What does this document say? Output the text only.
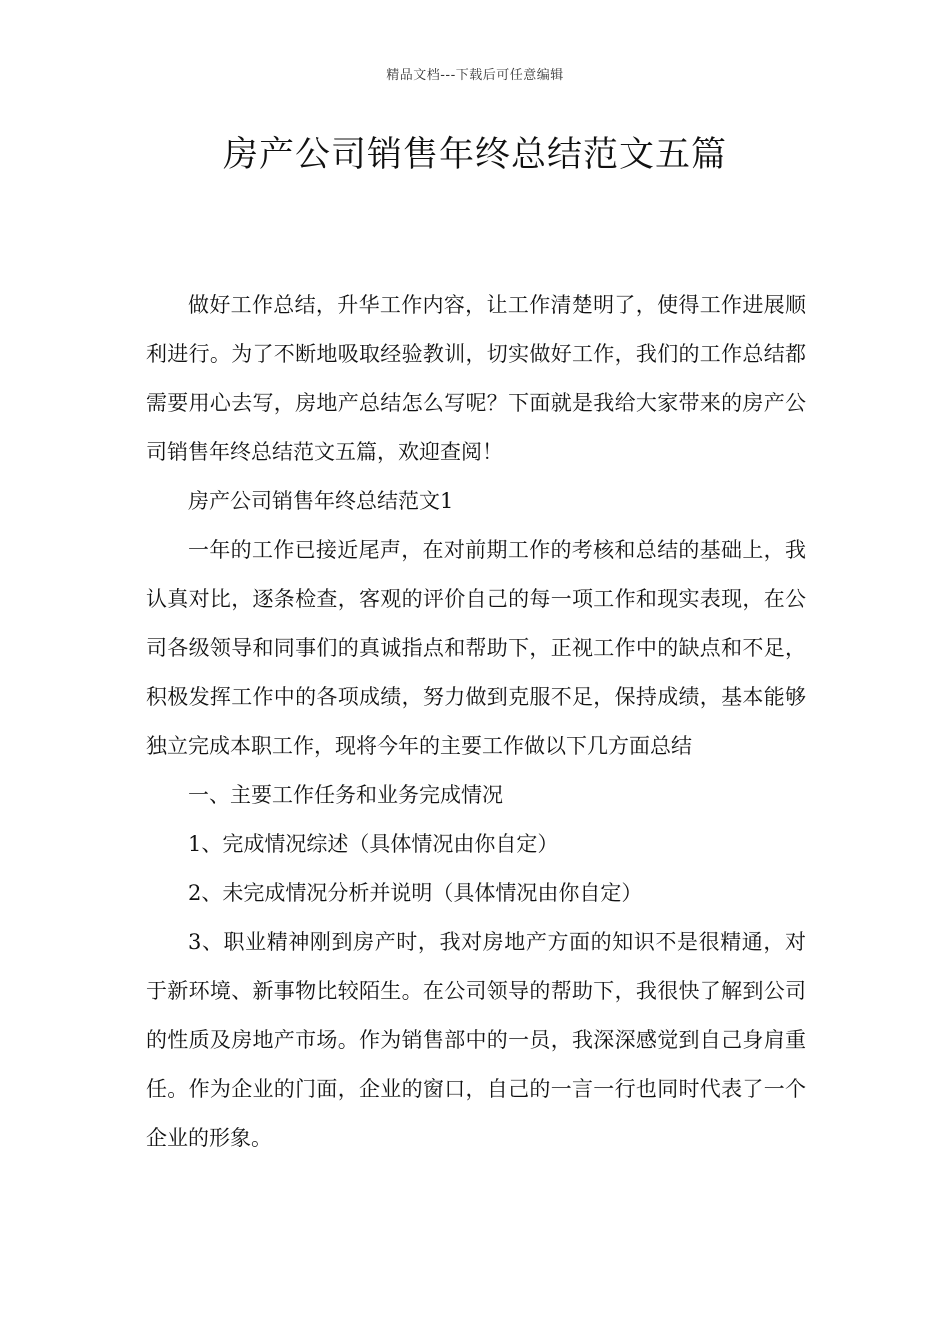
精品文档---下载后可任意编辑
房产公司销售年终总结范文五篇

做好工作总结，升华工作内容，让工作清楚明了，使得工作进展顺利进行。为了不断地吸取经验教训，切实做好工作，我们的工作总结都需要用心去写，房地产总结怎么写呢？下面就是我给大家带来的房产公司销售年终总结范文五篇，欢迎查阅！

房产公司销售年终总结范文1

一年的工作已接近尾声，在对前期工作的考核和总结的基础上，我认真对比，逐条检查，客观的评价自己的每一项工作和现实表现，在公司各级领导和同事们的真诚指点和帮助下，正视工作中的缺点和不足，积极发挥工作中的各项成绩，努力做到克服不足，保持成绩，基本能够独立完成本职工作，现将今年的主要工作做以下几方面总结

一、主要工作任务和业务完成情况

1、完成情况综述（具体情况由你自定）

2、未完成情况分析并说明（具体情况由你自定）

3、职业精神刚到房产时，我对房地产方面的知识不是很精通，对于新环境、新事物比较陌生。在公司领导的帮助下，我很快了解到公司的性质及房地产市场。作为销售部中的一员，我深深感觉到自己身肩重任。作为企业的门面，企业的窗口，自己的一言一行也同时代表了一个企业的形象。
